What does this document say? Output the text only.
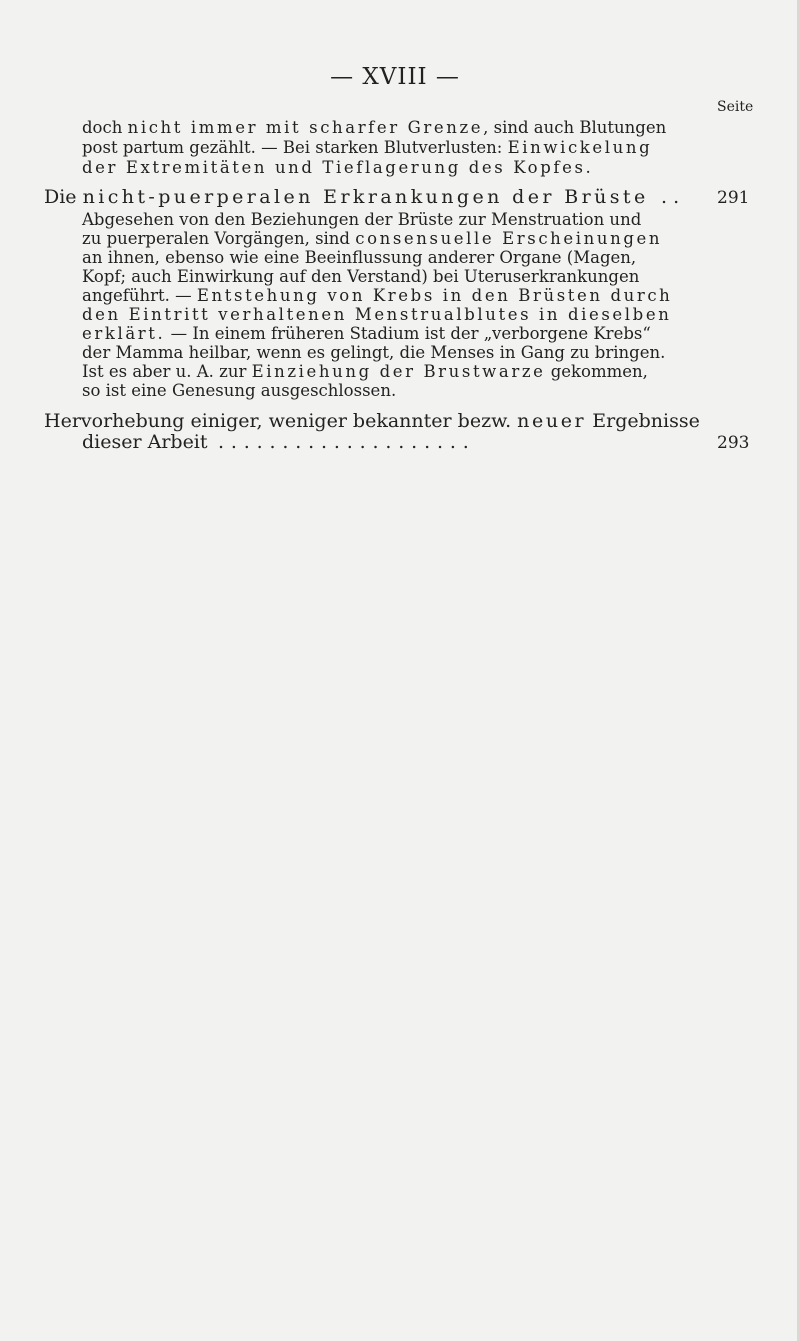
— XVIII —
Seite
doch nicht immer mit scharfer Grenze, sind auch Blutungen
post partum gezählt. — Bei starken Blutverlusten: Einwickelung
der Extremitäten und Tieflagerung des Kopfes.
Die nicht-puerperalen Erkrankungen der Brüste . . 291
Abgesehen von den Beziehungen der Brüste zur Menstruation und
zu puerperalen Vorgängen, sind consensuelle Erscheinungen
an ihnen, ebenso wie eine Beeinflussung anderer Organe (Magen,
Kopf; auch Einwirkung auf den Verstand) bei Uteruserkrankungen
angeführt. — Entstehung von Krebs in den Brüsten durch
den Eintritt verhaltenen Menstrualblutes in dieselben
erklärt. — In einem früheren Stadium ist der „verborgene Krebs“
der Mamma heilbar, wenn es gelingt, die Menses in Gang zu bringen.
Ist es aber u. A. zur Einziehung der Brustwarze gekommen,
so ist eine Genesung ausgeschlossen.
Hervorhebung einiger, weniger bekannter bezw. neuer Ergebnisse
dieser Arbeit . . . . . . . . . . . . . . . . . . . .	293
